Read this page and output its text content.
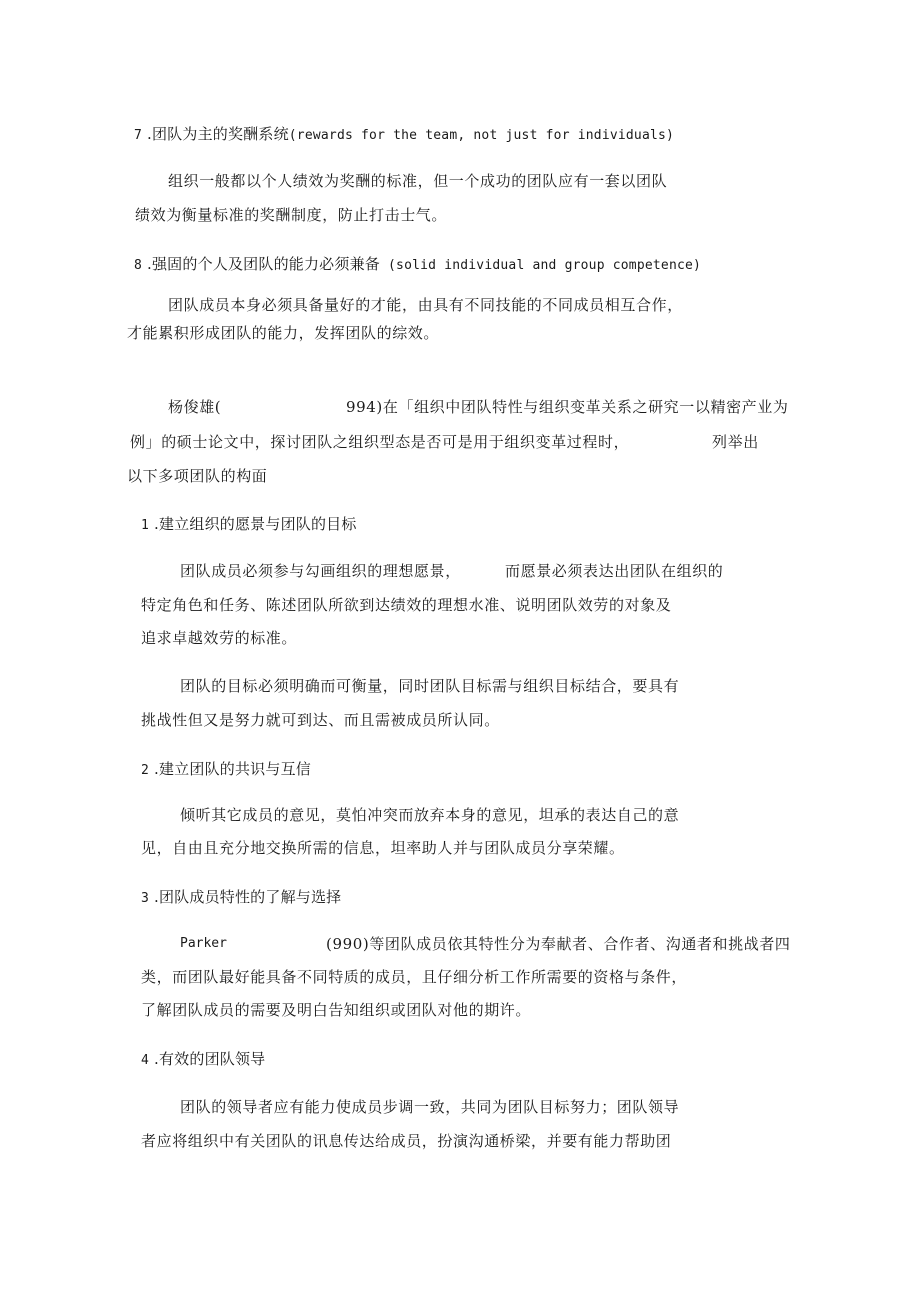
7 .团队为主的奖酬系统(rewards for the team, not just for individuals)

组织一般都以个人绩效为奖酬的标准，但一个成功的团队应有一套以团队

绩效为衡量标准的奖酬制度，防止打击士气。

8 .强固的个人及团队的能力必须兼备 (solid individual and group competence)

团队成员本身必须具备量好的才能，由具有不同技能的不同成员相互合作，

才能累积形成团队的能力，发挥团队的综效。

杨俊雄(	994)在「组织中团队特性与组织变革关系之研究一以精密产业为

例」的硕士论文中，探讨团队之组织型态是否可是用于组织变革过程时，	列举出

以下多项团队的构面

1 .建立组织的愿景与团队的目标

团队成员必须参与勾画组织的理想愿景，	而愿景必须表达出团队在组织的

特定角色和任务、陈述团队所欲到达绩效的理想水准、说明团队效劳的对象及

追求卓越效劳的标准。

团队的目标必须明确而可衡量，同时团队目标需与组织目标结合，要具有

挑战性但又是努力就可到达、而且需被成员所认同。

2 .建立团队的共识与互信

倾听其它成员的意见，莫怕冲突而放弃本身的意见，坦承的表达自己的意

见，自由且充分地交换所需的信息，坦率助人并与团队成员分享荣耀。

3 .团队成员特性的了解与选择

Parker	(990)等团队成员依其特性分为奉献者、合作者、沟通者和挑战者四

类，而团队最好能具备不同特质的成员，且仔细分析工作所需要的资格与条件，

了解团队成员的需要及明白告知组织或团队对他的期许。

4 .有效的团队领导

团队的领导者应有能力使成员步调一致，共同为团队目标努力；团队领导

者应将组织中有关团队的讯息传达给成员，扮演沟通桥梁，并要有能力帮助团
